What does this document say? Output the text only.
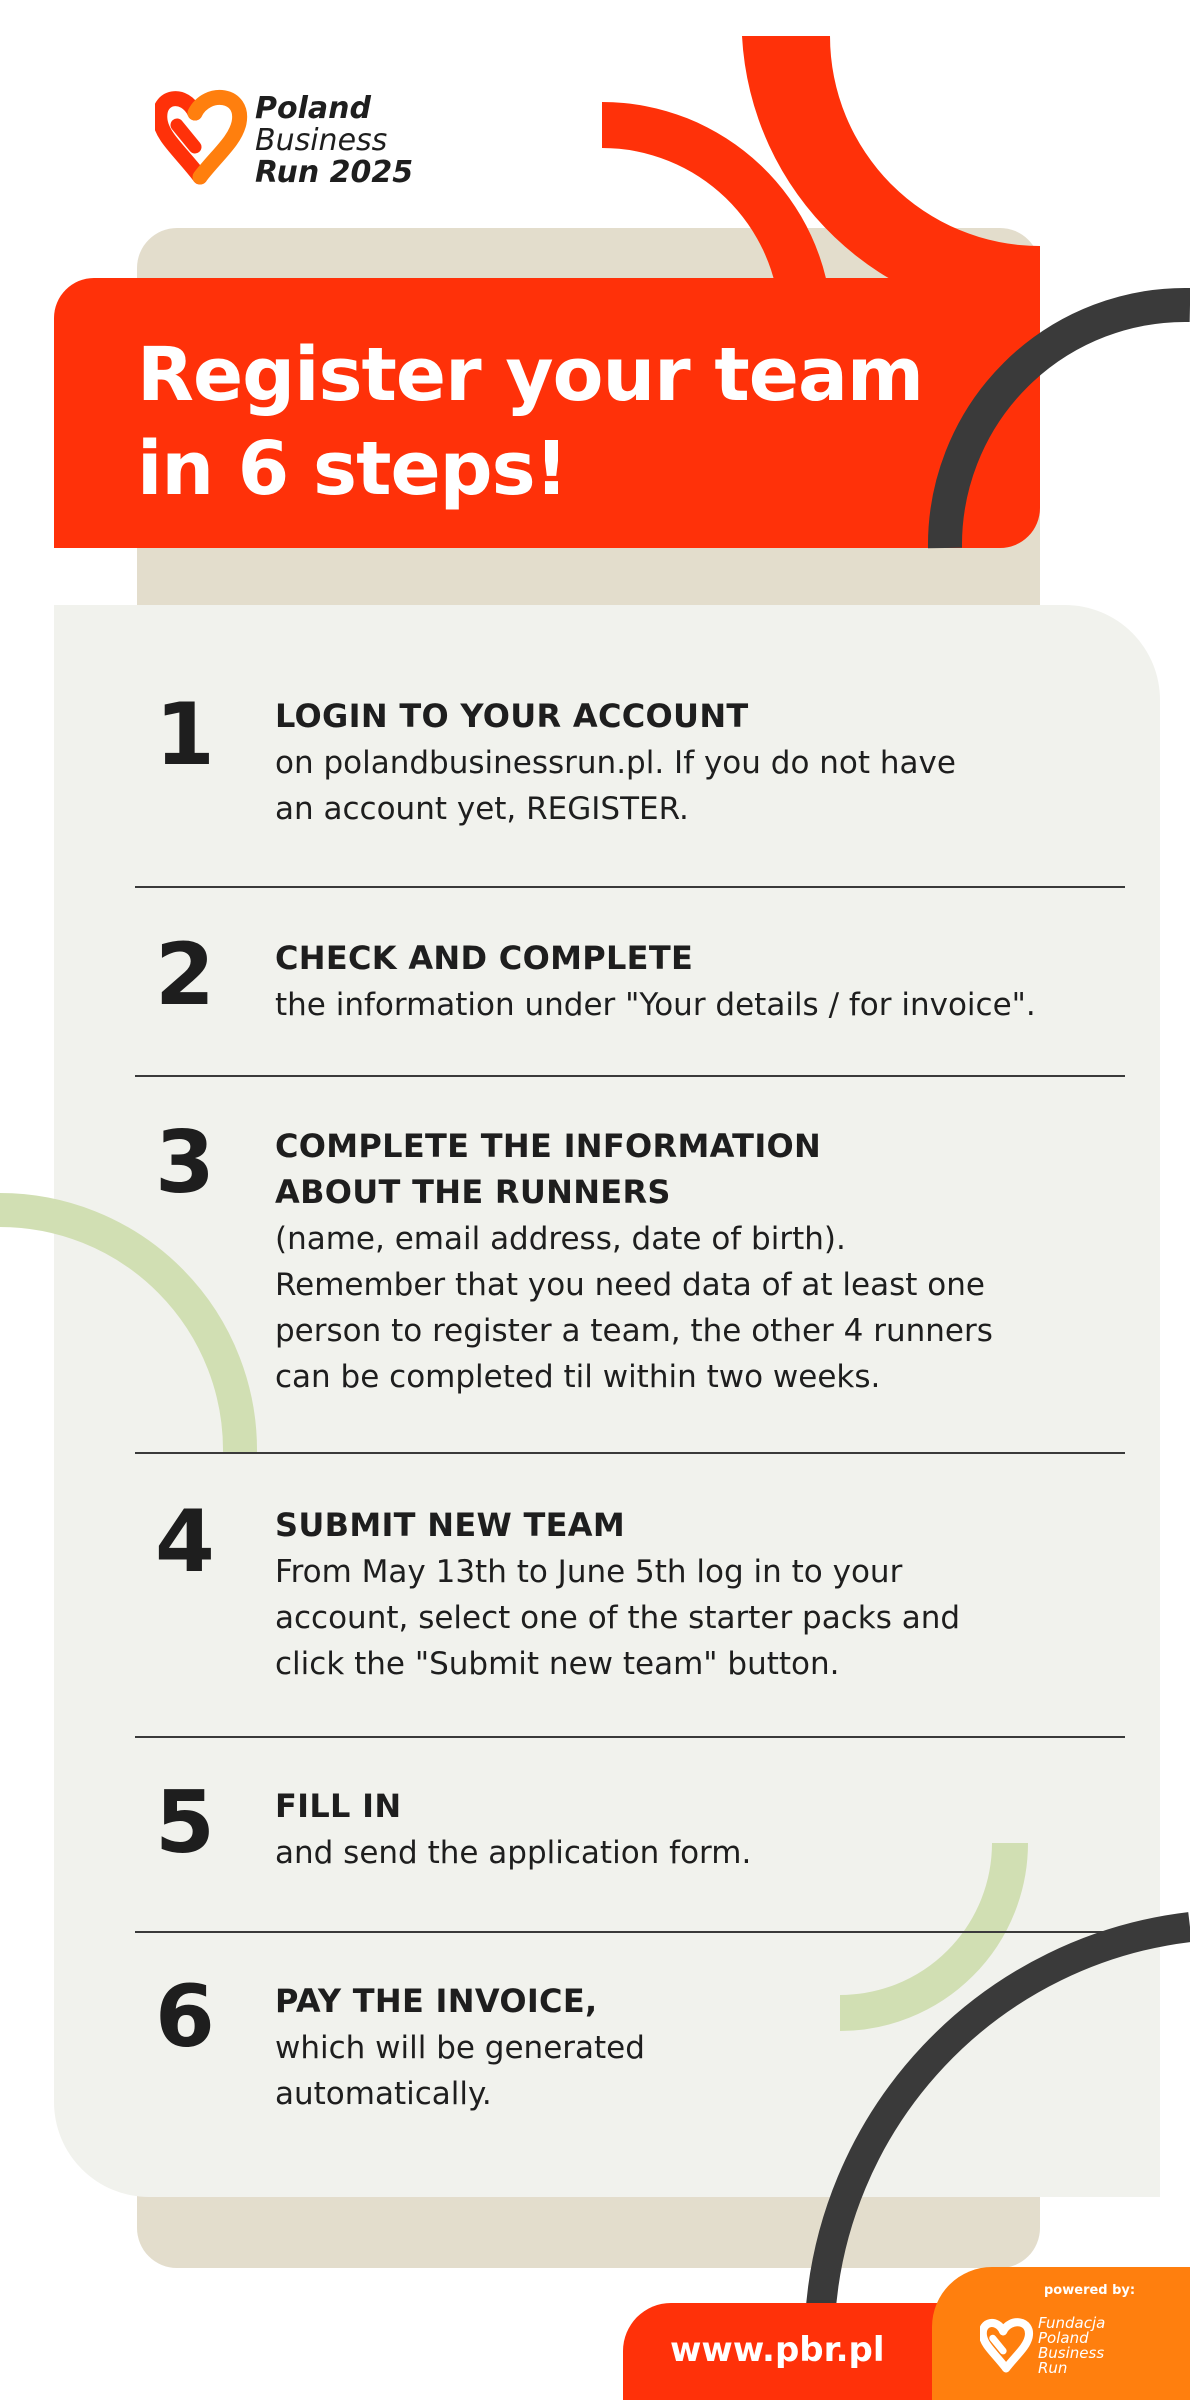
Register your team
in 6 steps!
Poland
Business
Run 2025
1 LOGIN TO YOUR ACCOUNT
on polandbusinessrun.pl. If you do not have
an account yet, REGISTER.
2 CHECK AND COMPLETE
the information under "Your details / for invoice".
3 COMPLETE THE INFORMATION
ABOUT THE RUNNERS
(name, email address, date of birth).
Remember that you need data of at least one
person to register a team, the other 4 runners
can be completed til within two weeks.
4 SUBMIT NEW TEAM
From May 13th to June 5th log in to your
account, select one of the starter packs and
click the "Submit new team" button.
5 FILL IN
and send the application form.
6 PAY THE INVOICE,
which will be generated
automatically.
www.pbr.pl
powered by:
Fundacja
Poland
Business
Run
